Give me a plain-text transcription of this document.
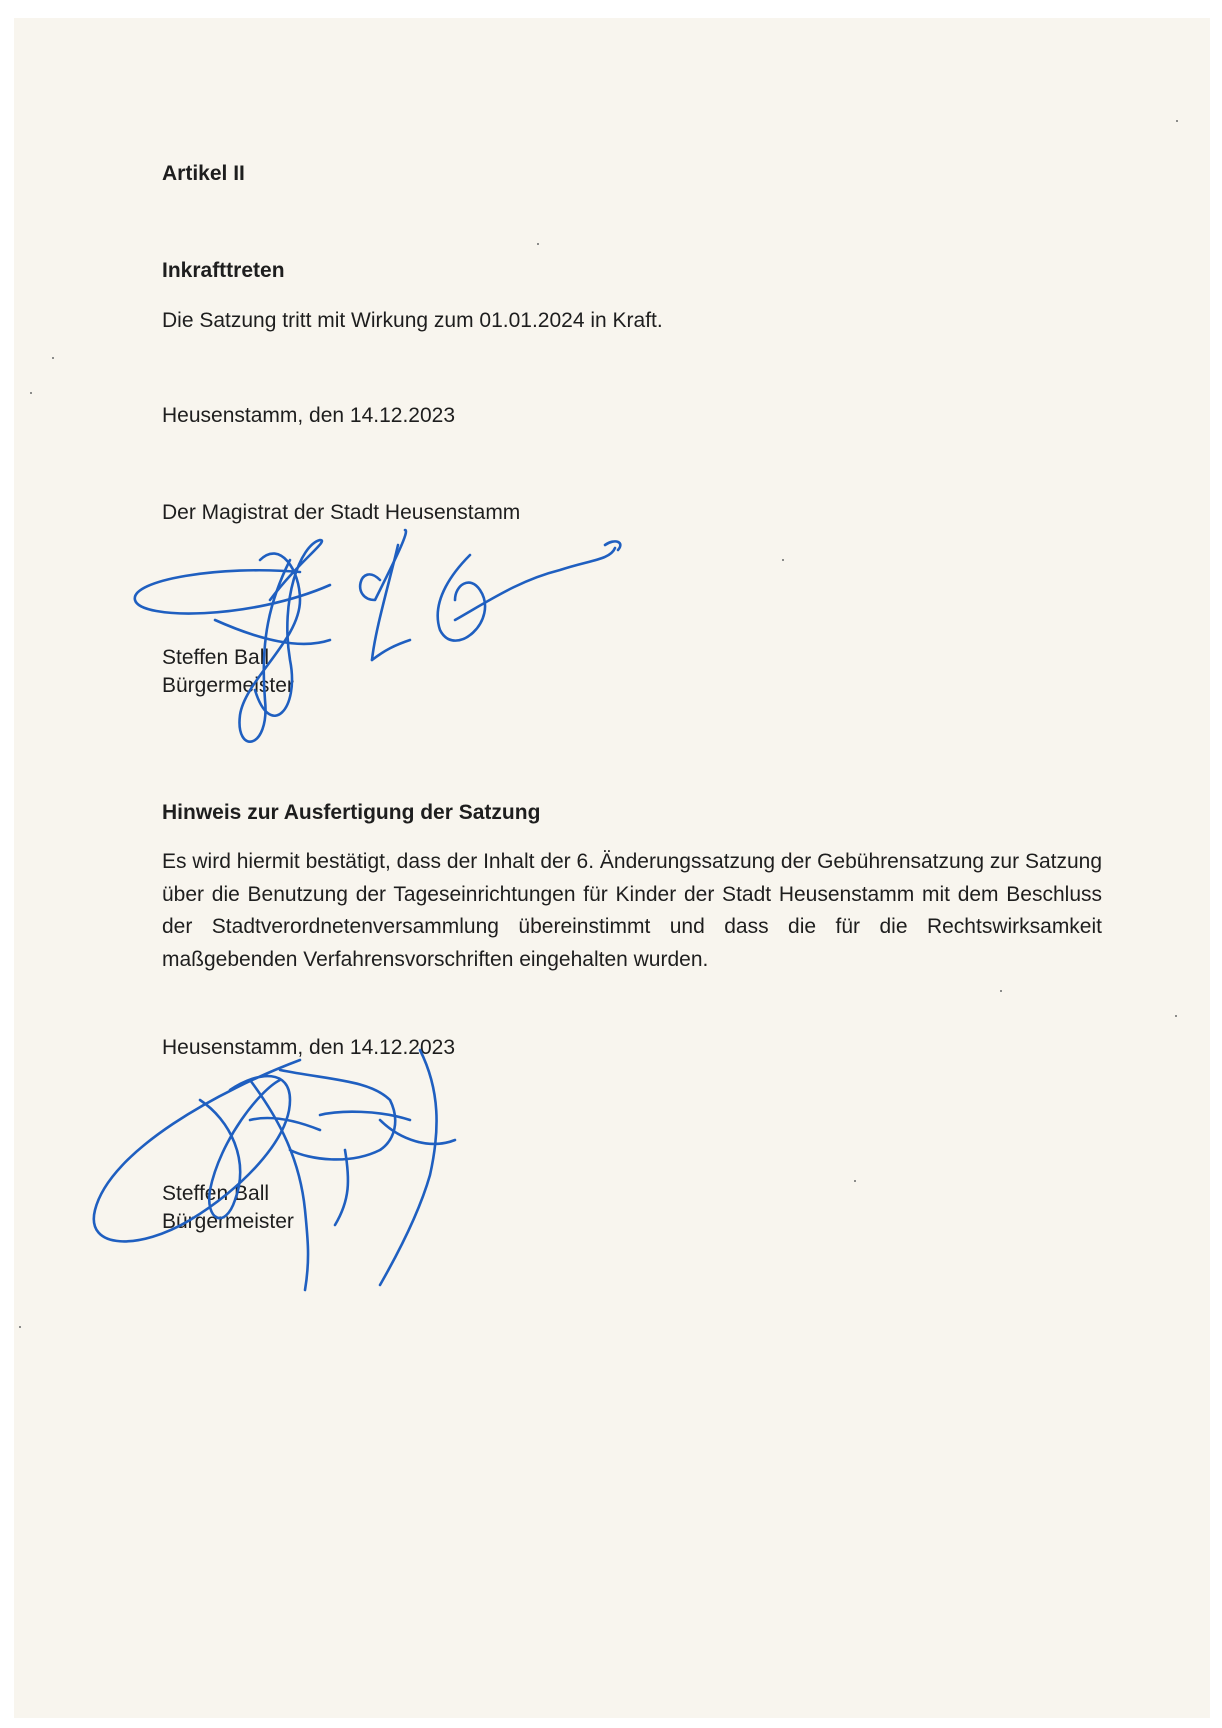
Artikel II
Inkrafttreten
Die Satzung tritt mit Wirkung zum 01.01.2024 in Kraft.
Heusenstamm, den 14.12.2023
Der Magistrat der Stadt Heusenstamm
Steffen Ball
Bürgermeister
Hinweis zur Ausfertigung der Satzung
Es wird hiermit bestätigt, dass der Inhalt der 6. Änderungssatzung der Gebührensatzung zur Satzung über die Benutzung der Tageseinrichtungen für Kinder der Stadt Heusenstamm mit dem Beschluss der Stadtverordnetenversammlung übereinstimmt und dass die für die Rechtswirksamkeit maßgebenden Verfahrensvorschriften eingehalten wurden.
Heusenstamm, den 14.12.2023
Steffen Ball
Bürgermeister
